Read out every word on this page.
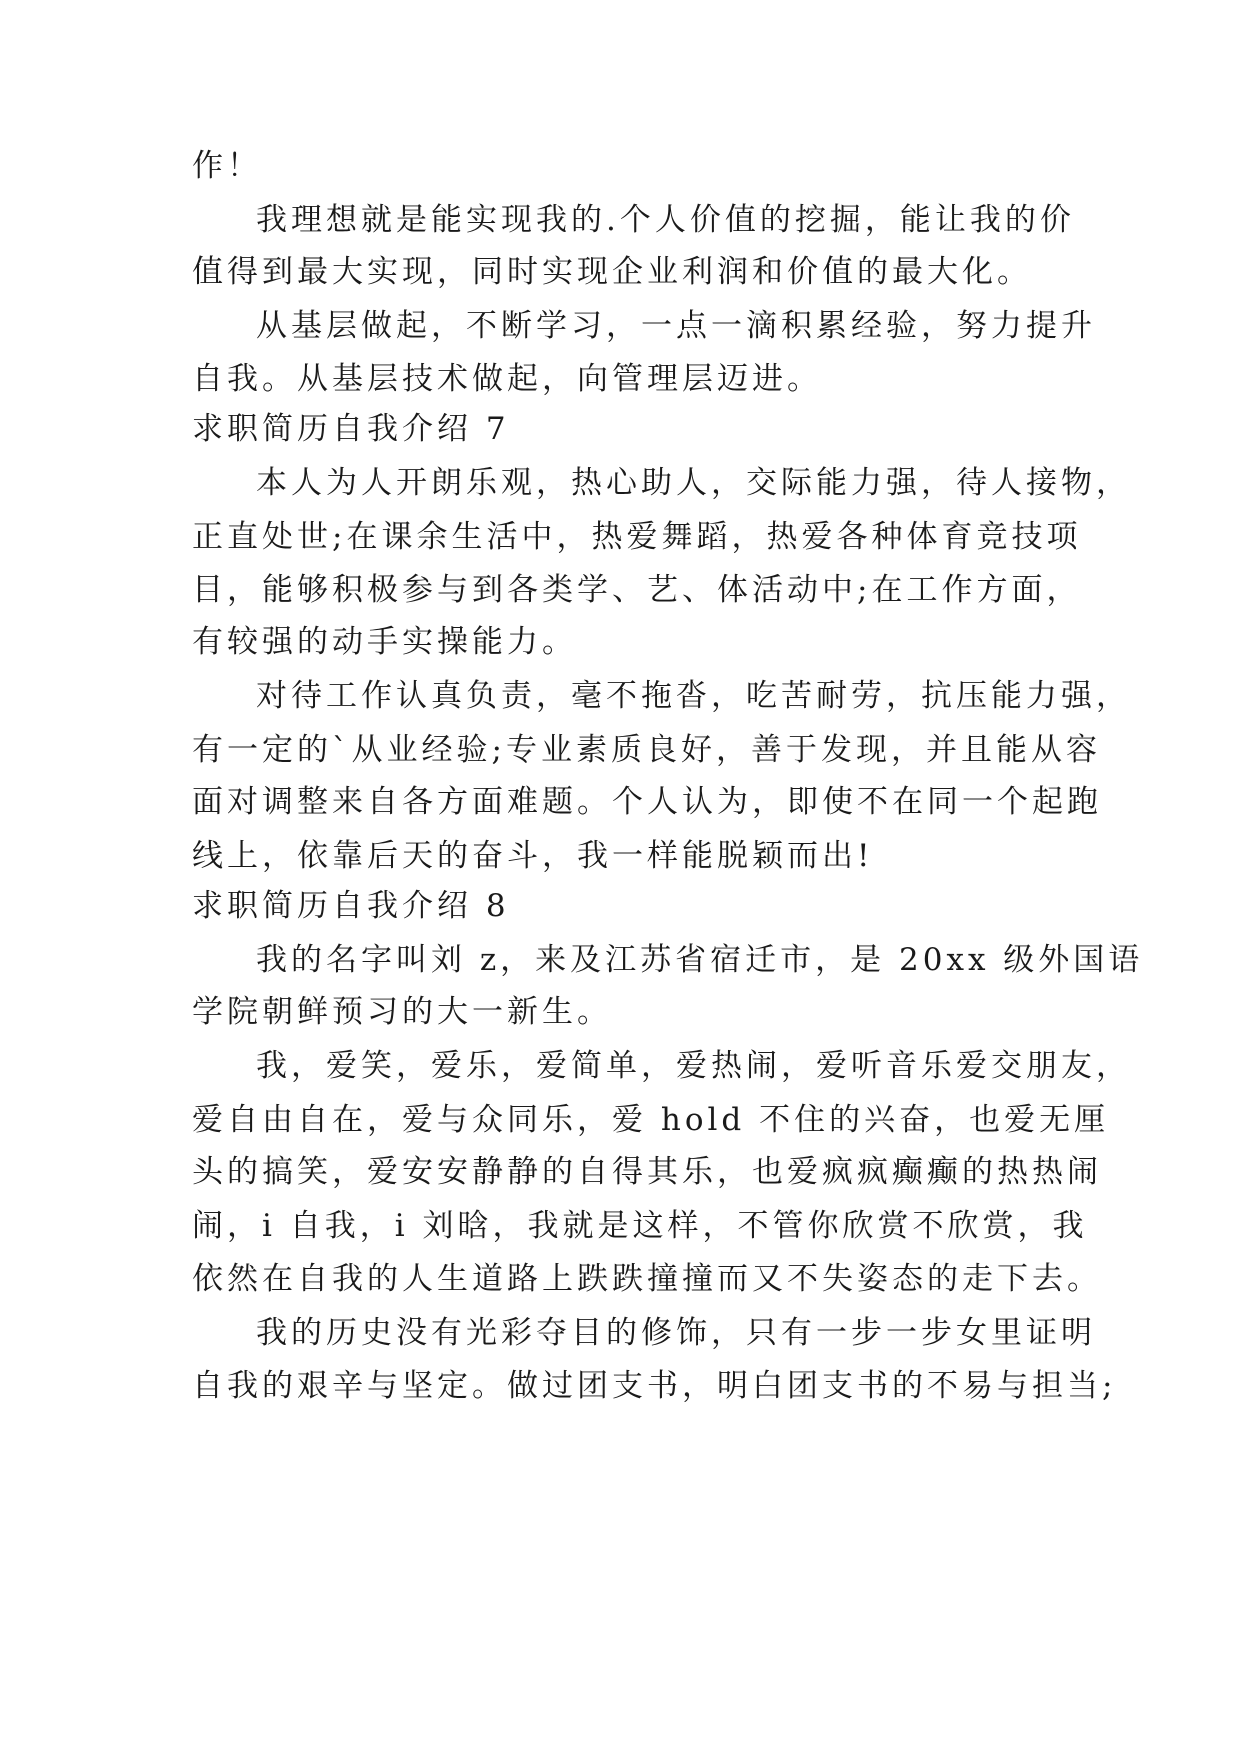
作！
我理想就是能实现我的.个人价值的挖掘，能让我的价
值得到最大实现，同时实现企业利润和价值的最大化。
从基层做起，不断学习，一点一滴积累经验，努力提升
自我。从基层技术做起，向管理层迈进。
求职简历自我介绍 7
本人为人开朗乐观，热心助人，交际能力强，待人接物，
正直处世;在课余生活中，热爱舞蹈，热爱各种体育竞技项
目，能够积极参与到各类学、艺、体活动中;在工作方面，
有较强的动手实操能力。
对待工作认真负责，毫不拖沓，吃苦耐劳，抗压能力强，
有一定的`从业经验;专业素质良好，善于发现，并且能从容
面对调整来自各方面难题。个人认为，即使不在同一个起跑
线上，依靠后天的奋斗，我一样能脱颖而出!
求职简历自我介绍 8
我的名字叫刘 z，来及江苏省宿迁市，是 20xx 级外国语
学院朝鲜预习的大一新生。
我，爱笑，爱乐，爱简单，爱热闹，爱听音乐爱交朋友，
爱自由自在，爱与众同乐，爱 hold 不住的兴奋，也爱无厘
头的搞笑，爱安安静静的自得其乐，也爱疯疯癫癫的热热闹
闹，i 自我，i 刘晗，我就是这样，不管你欣赏不欣赏，我
依然在自我的人生道路上跌跌撞撞而又不失姿态的走下去。
我的历史没有光彩夺目的修饰，只有一步一步女里证明
自我的艰辛与坚定。做过团支书，明白团支书的不易与担当;
